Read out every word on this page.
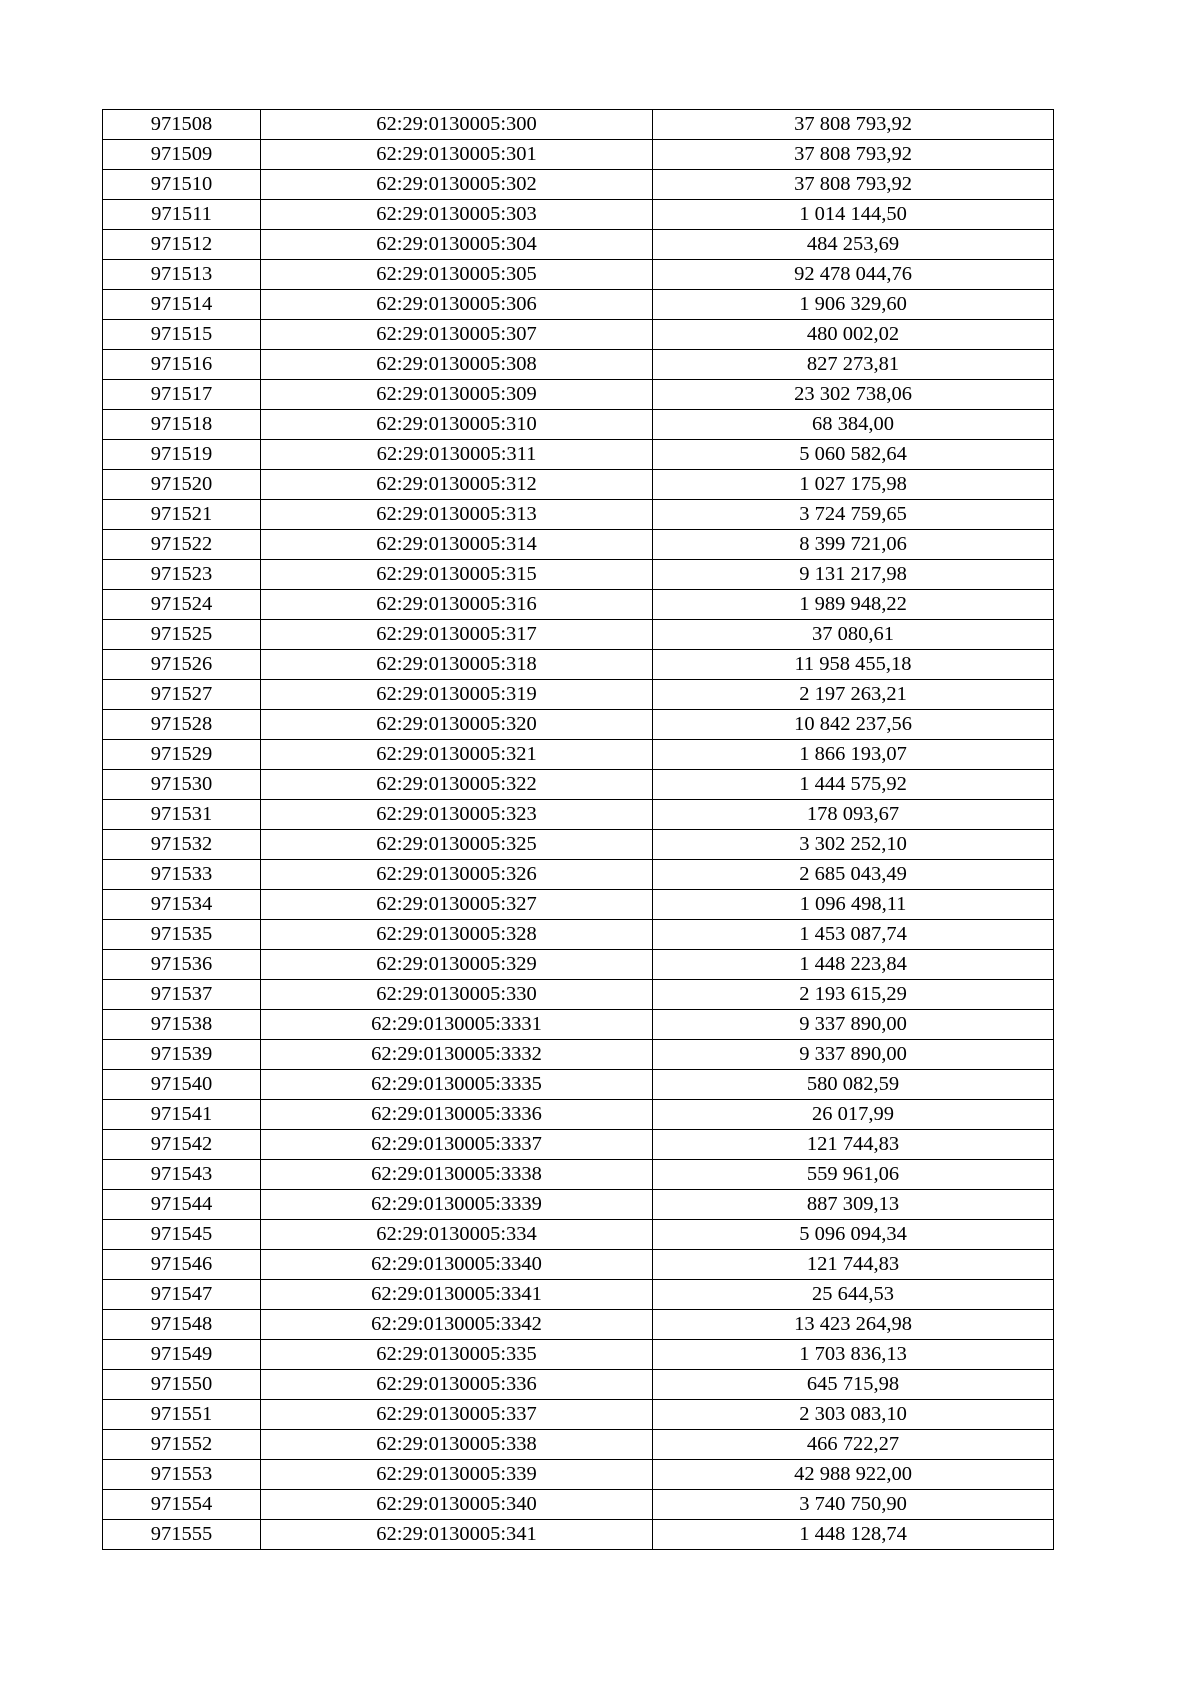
971508	62:29:0130005:300	37 808 793,92
971509	62:29:0130005:301	37 808 793,92
971510	62:29:0130005:302	37 808 793,92
971511	62:29:0130005:303	1 014 144,50
971512	62:29:0130005:304	484 253,69
971513	62:29:0130005:305	92 478 044,76
971514	62:29:0130005:306	1 906 329,60
971515	62:29:0130005:307	480 002,02
971516	62:29:0130005:308	827 273,81
971517	62:29:0130005:309	23 302 738,06
971518	62:29:0130005:310	68 384,00
971519	62:29:0130005:311	5 060 582,64
971520	62:29:0130005:312	1 027 175,98
971521	62:29:0130005:313	3 724 759,65
971522	62:29:0130005:314	8 399 721,06
971523	62:29:0130005:315	9 131 217,98
971524	62:29:0130005:316	1 989 948,22
971525	62:29:0130005:317	37 080,61
971526	62:29:0130005:318	11 958 455,18
971527	62:29:0130005:319	2 197 263,21
971528	62:29:0130005:320	10 842 237,56
971529	62:29:0130005:321	1 866 193,07
971530	62:29:0130005:322	1 444 575,92
971531	62:29:0130005:323	178 093,67
971532	62:29:0130005:325	3 302 252,10
971533	62:29:0130005:326	2 685 043,49
971534	62:29:0130005:327	1 096 498,11
971535	62:29:0130005:328	1 453 087,74
971536	62:29:0130005:329	1 448 223,84
971537	62:29:0130005:330	2 193 615,29
971538	62:29:0130005:3331	9 337 890,00
971539	62:29:0130005:3332	9 337 890,00
971540	62:29:0130005:3335	580 082,59
971541	62:29:0130005:3336	26 017,99
971542	62:29:0130005:3337	121 744,83
971543	62:29:0130005:3338	559 961,06
971544	62:29:0130005:3339	887 309,13
971545	62:29:0130005:334	5 096 094,34
971546	62:29:0130005:3340	121 744,83
971547	62:29:0130005:3341	25 644,53
971548	62:29:0130005:3342	13 423 264,98
971549	62:29:0130005:335	1 703 836,13
971550	62:29:0130005:336	645 715,98
971551	62:29:0130005:337	2 303 083,10
971552	62:29:0130005:338	466 722,27
971553	62:29:0130005:339	42 988 922,00
971554	62:29:0130005:340	3 740 750,90
971555	62:29:0130005:341	1 448 128,74
